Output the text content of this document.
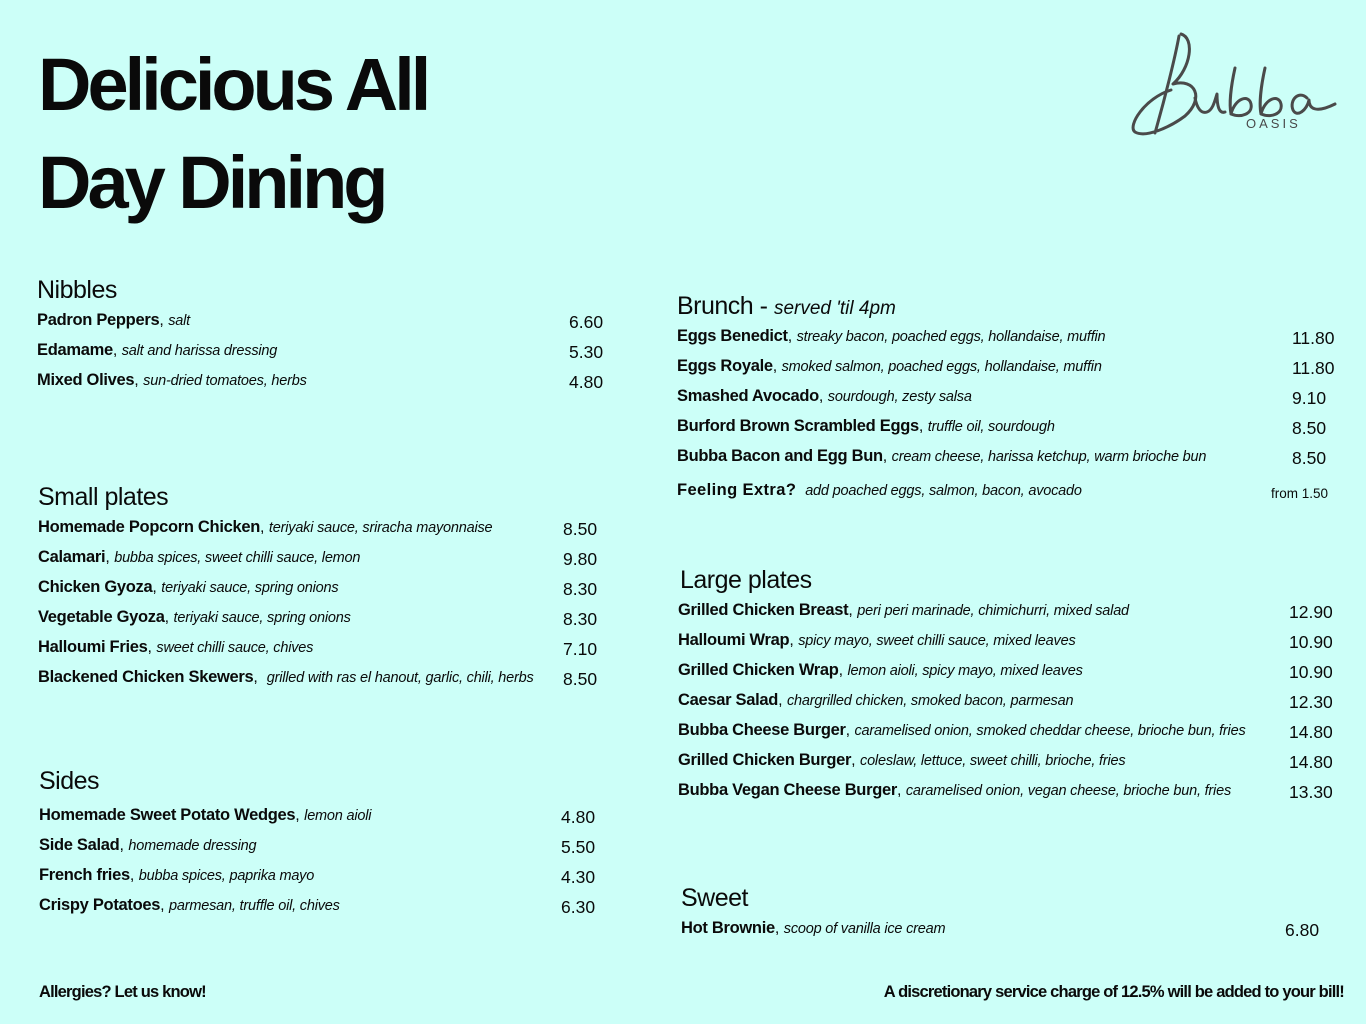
Delicious All
Day Dining
OASIS
Nibbles
Padron Peppers, salt	6.60
Edamame, salt and harissa dressing	5.30
Mixed Olives, sun-dried tomatoes, herbs	4.80
Small plates
Homemade Popcorn Chicken, teriyaki sauce, sriracha mayonnaise	8.50
Calamari, bubba spices, sweet chilli sauce, lemon	9.80
Chicken Gyoza, teriyaki sauce, spring onions	8.30
Vegetable Gyoza, teriyaki sauce, spring onions	8.30
Halloumi Fries, sweet chilli sauce, chives	7.10
Blackened Chicken Skewers,  grilled with ras el hanout, garlic, chili, herbs 8.50
Sides
Homemade Sweet Potato Wedges, lemon aioli	4.80
Side Salad, homemade dressing	5.50
French fries, bubba spices, paprika mayo	4.30
Crispy Potatoes, parmesan, truffle oil, chives	6.30
Brunch - served 'til 4pm
Eggs Benedict, streaky bacon, poached eggs, hollandaise, muffin	11.80
Eggs Royale, smoked salmon, poached eggs, hollandaise, muffin	11.80
Smashed Avocado, sourdough, zesty salsa	9.10
Burford Brown Scrambled Eggs, truffle oil, sourdough	8.50
Bubba Bacon and Egg Bun, cream cheese, harissa ketchup, warm brioche bun	8.50
Feeling Extra? add poached eggs, salmon, bacon, avocado	from 1.50
Large plates
Grilled Chicken Breast, peri peri marinade, chimichurri, mixed salad	12.90
Halloumi Wrap, spicy mayo, sweet chilli sauce, mixed leaves	10.90
Grilled Chicken Wrap, lemon aioli, spicy mayo, mixed leaves	10.90
Caesar Salad, chargrilled chicken, smoked bacon, parmesan	12.30
Bubba Cheese Burger, caramelised onion, smoked cheddar cheese, brioche bun, fries 14.80
Grilled Chicken Burger, coleslaw, lettuce, sweet chilli, brioche, fries	14.80
Bubba Vegan Cheese Burger, caramelised onion, vegan cheese, brioche bun, fries	13.30
Sweet
Hot Brownie, scoop of vanilla ice cream	6.80
Allergies? Let us know!	A discretionary service charge of 12.5% will be added to your bill!
